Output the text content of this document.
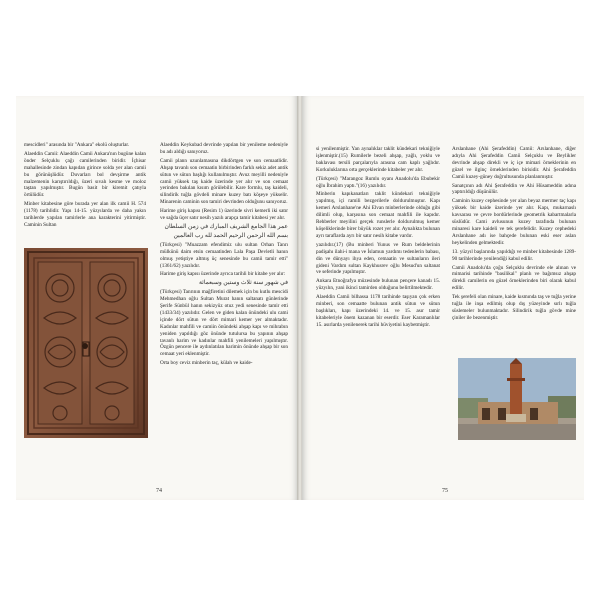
mescidleri" arasında bir "Ankara" ekolü oluşturlar.

Alaeddin Camii: Alaeddin Camii Ankara'nın bugüne kalan önder Selçuklu çağı camilerinden biridir. İçhisar mahallesinde zindan kapıdan girince solda yer alan camii bu görünüşlüdür. Duvarları bol devşirme antik malzemenin karıştırıldığı, üzeri sıvalı kesme ve moloz taştan yapılmıştır. Bugün basit bir kiremit çatıyla örtülüdür.

Minber kitabesine göre burada yer alan ilk camii H. 574 (1178) tarihlidir. Yapı 14-15. yüzyılarda ve daha yakın tarihlerde yapılan tamirlerle ana karakterini yitirmiştir. Caminin Sultan

Alaeddin Keykubad devrinde yapılan bir yenileme nedeniyle bu adı aldığı sanıyoruz.

Camii plann uzunlamasına dikdörtgen ve son cemaatlidir. Ahşap tavanlı son cemaatin birbirinden farklı sekiz adet antik sütun ve sütun başlığı kullanılmıştır. Avuz meyilli nedeniyle camii yüksek taş kaide üzerinde yer alır ve son cemaat yerinden bakılan kısım görülebilir. Kare formlu, taş kaideli, silindirik tuğla gövdeli minare kuzey batı köşeye yükselir. Minarenin caminin son tamiri devrinden olduğunu sanıyoruz.

Harime giriş kapısı (Resim 1) üzerinde sivri kemerli iki satır ve sağda üçer satır nesih yazılı arapça tamir kitabesi yer alır.

عمر هذا الجامع الشريف المبارك في زمن السلطان
بسم الله الرحمن الرحيم الحمد لله رب العالمين

(Türkçesi) "Muazzam efendimiz ulu sultan Orhan Tanrı mülkünü daim etsin cemaatinden Lala Paşa Devletli hanın olmuş yetiştiye altmış üç senesinde bu camii tamir etti" (1361/62) yazılıdır.

Harime giriş kapısı üzerinde ayrıca tarihli bir kitabe yer alır:

في شهور سنة ثلاث وستين وسبعمائة

(Türkçesi) Tanrının mağfiretini dilemek için bu kutlu mescidi Mehmedhan oğlu Sultan Murat hanın saltanatı günlerinde Şerife Sünbül hanın sekizyüz otuz yedi senesinde tamir etti (1433/34) yazılıdır. Gelen ve giden kalan önündeki ulu cami içinde dört sütun ve dört mimari kemer yer almaktadır. Kadınlar mahfili ve camiin önündeki ahşap kapı ve mihrabın yeniden yapıldığı göz önünde tutulursa bu yapının ahşap tavanlı harim ve kadınlar mahfili yenilemeleri yapılmıştır. Özgün pencere ile aydınlatılan harimin önünde ahşap bir son cemaat yeri eklenmiştir.

Orta boy ceviz minberin taç, külah ve kaide-

74

si yenilenmiştir. Yan aynalıklar taklit kündekari tekniğiyle işlenmiştir.(15) Rumilerle bezeli ahşap, yağlı, yoklu ve baklavası tersili parçalarıyla arasına cam kaplı yağlıdır. Korkuluklarına orta gerçeklerinde kitabeler yer alır.

(Türkçesi) "Marangoz Rumlu oyanı Anadolu'da Ebubekir oğlu İbrahim yaptı."(16) yazılıdır.

Minberin kapıkanatları taklit kündekari tekniğiyle yapılmış, içi ramili bezgerilerle doldurulmuştur. Kapı kemeri Arslanhane'ne Ahi Elvan minberlerinde olduğu gibi dilimli olup, karşısına son cemaat mahfili ile kapıdır. Rehberler meyilini gerçek runslerle doldurulmuş kemer köşeliklerinde birer büyük rozet yer alır. Aynalıkta bulunan ayrı taraflarda ayrı bir satır nesih kitabe vardır.

yazılıdır.(17) (Bu minberi Yunus ve Rum beldelerinin padişahı ilahi-i mana ve İslamun yardımı tedenlerin babası, din ve dünyayı ihya eden, cemaatin ve sultanların ileri gideni Vardım sultan Kaykhusrev oğlu Mesud'un saltanat ve seferinde yapılmıştır.

Ankara Etnoğrafya müzesinde bulunan pençere kanadı 15. yüzyılın, yani ikinci tamirden olduğunu belirtilmektedir.

Alaeddin Camii bilhassa 1178 tarihinde taşıyan çok erken minberi, son cemaatte bulunan antik sütun ve sütun başlıkları, kapı üzerindeki 14. ve 15. asır tamir kitabeleriyle önem kazanan bir eserdir. Eser Karamanlılar 15. asırlarda yenilenerek tarihi hüviyetini kaybetmiştir.

Arslanhane (Ahi Şerafeddin) Camii: Arslanhane, diğer adıyla Ahi Şerafeddin Camii Selçuklu ve Beylikler devrinde ahşap direkli ve iç içe mimari örneklerinin en güzel ve ilginç örneklerinden birisidir. Ahi Şerafeddin Camii kuzey-güney doğrultusunda planlanmıştır.

Sanatçının adı Ahi Şerafeddin ve Ahi Hüsameddin adına yaptırıldığı düşünülür.

Caminin kuzey cephesinde yer alan beyaz mermer taç kapı yüksek bir kaide üzerinde yer alır. Kapı, mukarnaslı kavsarası ve çevre bordürlerinde geometrik kabartmalarla süslüdür. Cami avlusunun kuzey tarafında bulunan minaresi kare kaideli ve tek şerefelidir. Kuzey cephedeki Arslanhane adı ise bahçede bulunan eski eser aslan heykelinden gelmektedir.

13. yüzyıl başlarında yapıldığı ve minber kitabesinde 1289-90 tarihlerinde yenilendiği kabul edilir.

Camii Anadolu'da çoğu Selçuklu devrinde ele alınan ve mimarisi tarihinde "basilikal" planlı ve bağımsız ahşap direkli camilerin en güzel örneklerinden biri olarak kabul edilir.

Tek şerefeli olan minare, kaide kısmında taş ve tuğla yerine tuğla ile inşa edilmiş olup dış yüzeyinde sırlı tuğla süslemeler bulunmaktadır. Silindirik tuğla gövde mine çiniler ile bezenmiştir.

75
